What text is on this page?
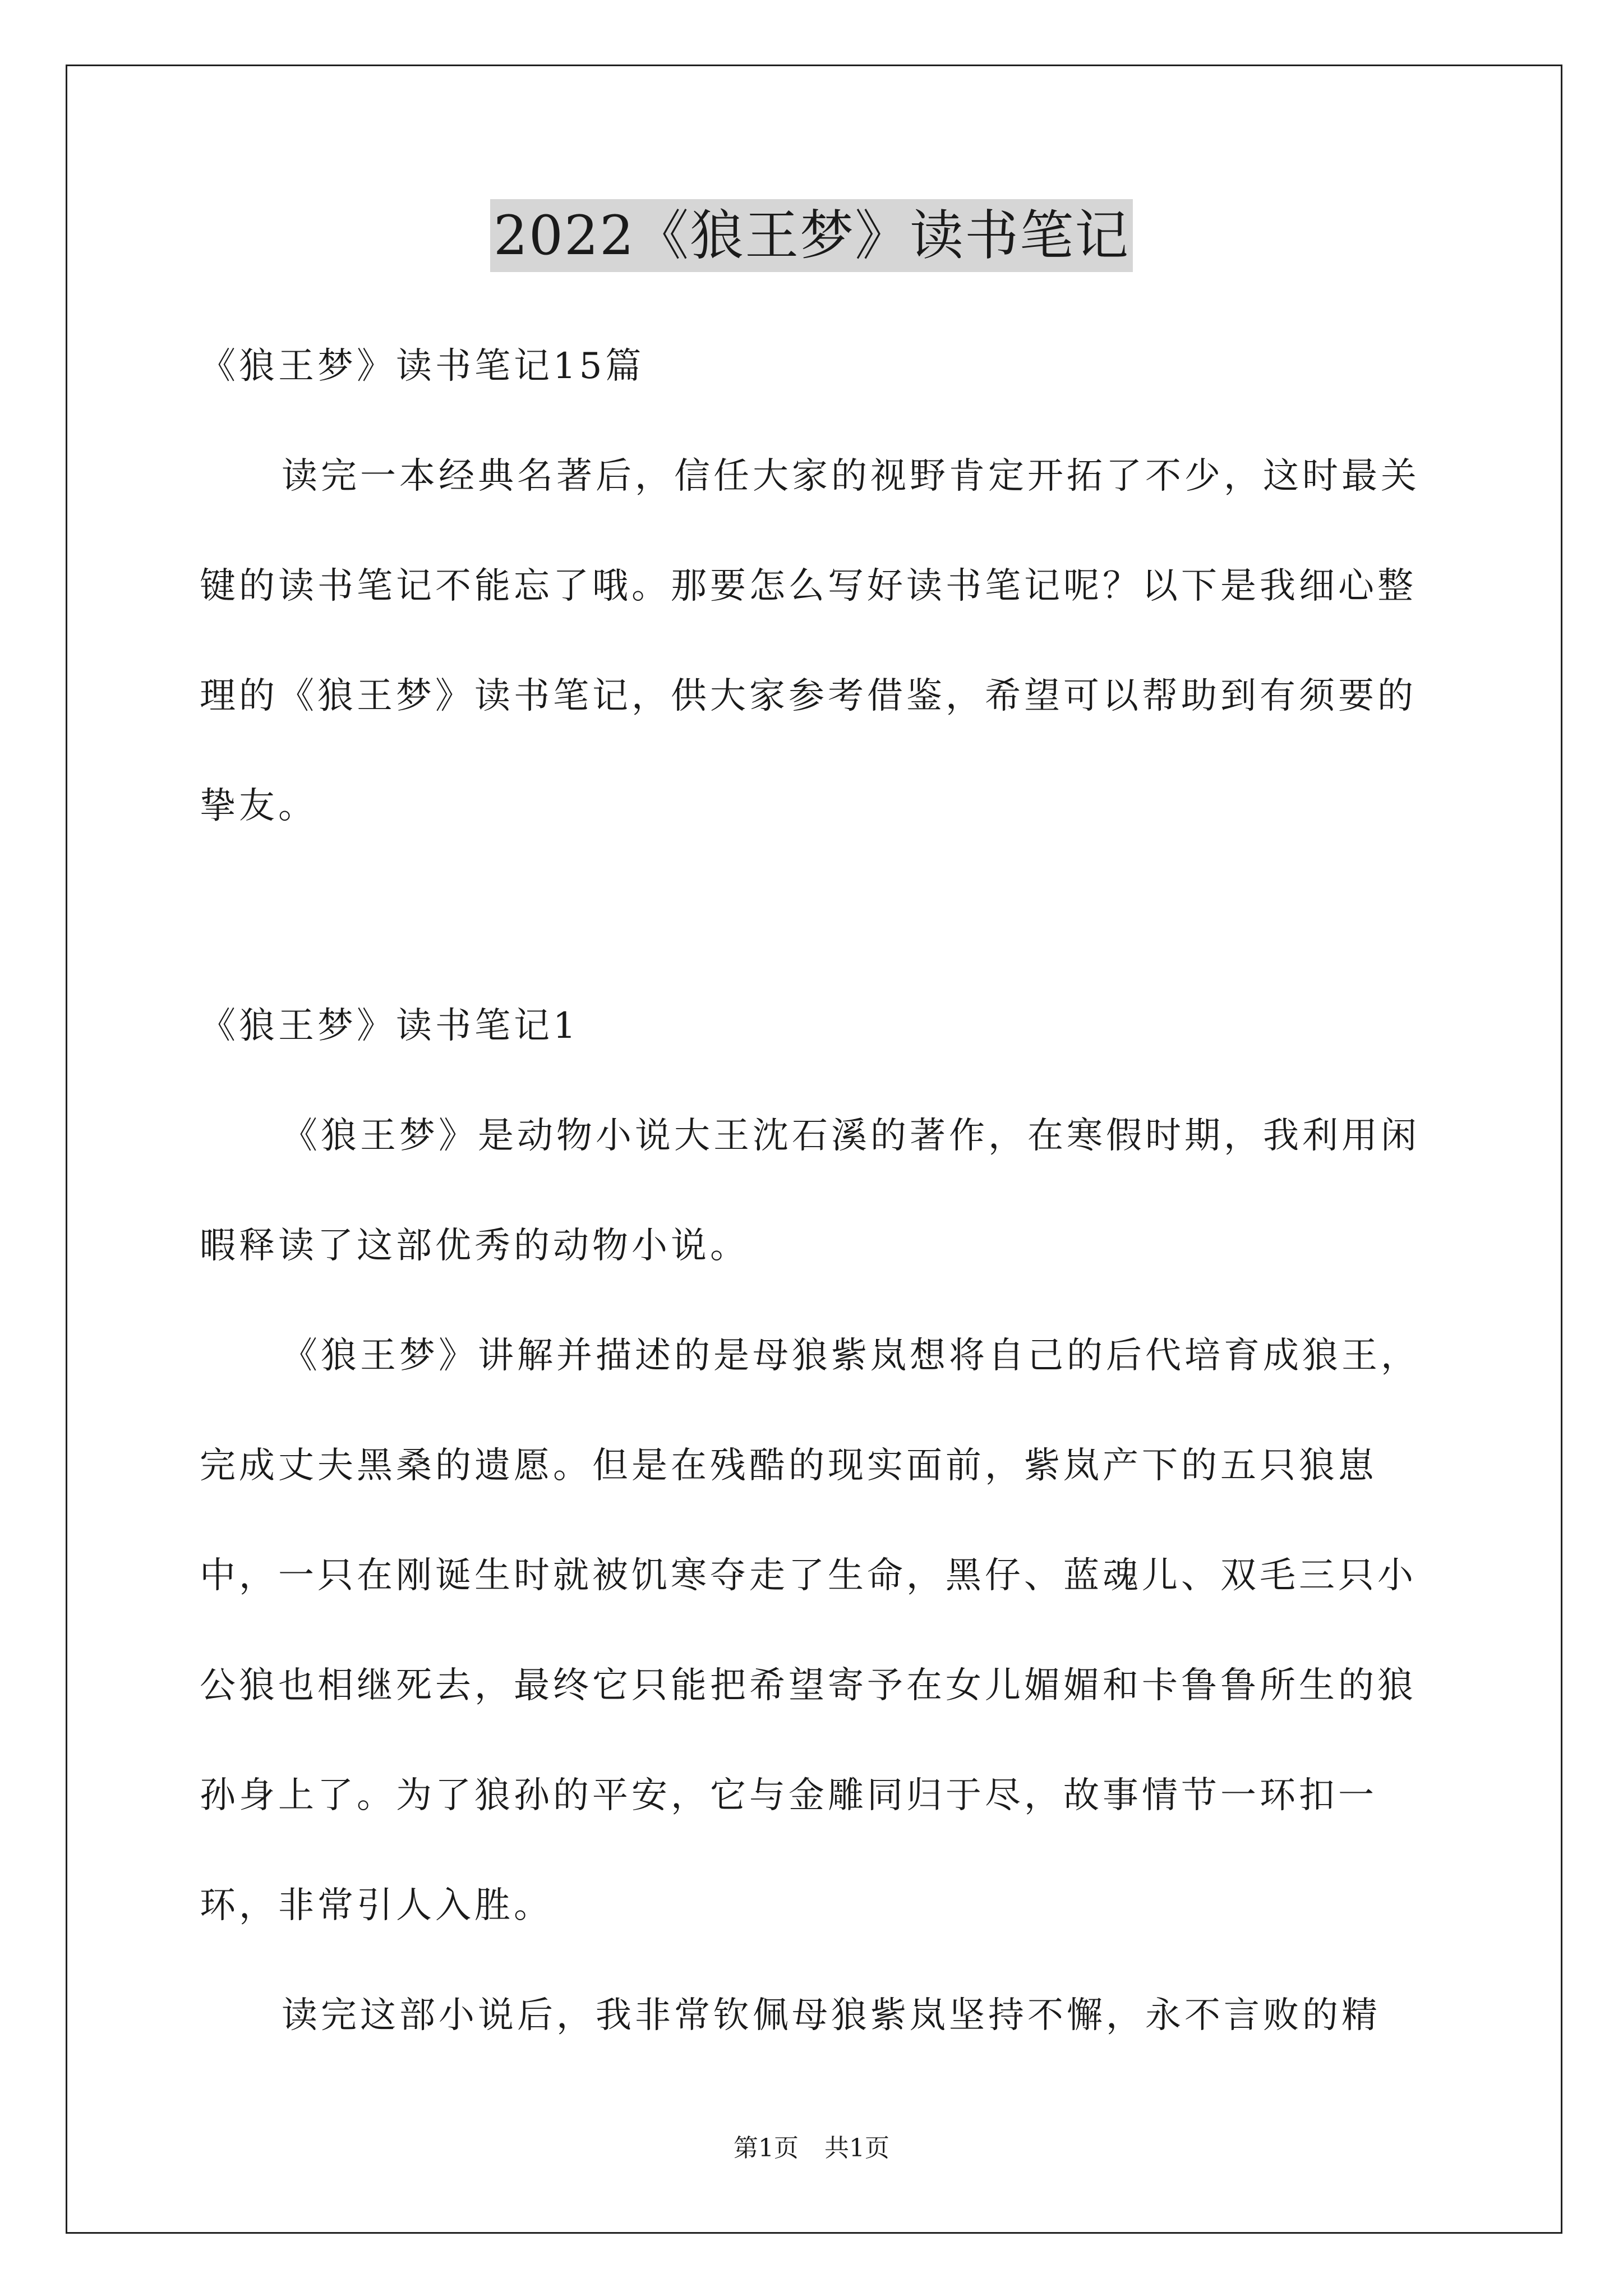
2022《狼王梦》读书笔记

《狼王梦》读书笔记15篇

读完一本经典名著后，信任大家的视野肯定开拓了不少，这时最关键的读书笔记不能忘了哦。那要怎么写好读书笔记呢？以下是我细心整理的《狼王梦》读书笔记，供大家参考借鉴，希望可以帮助到有须要的挚友。

《狼王梦》读书笔记1

《狼王梦》是动物小说大王沈石溪的著作，在寒假时期，我利用闲暇释读了这部优秀的动物小说。

《狼王梦》讲解并描述的是母狼紫岚想将自己的后代培育成狼王，完成丈夫黑桑的遗愿。但是在残酷的现实面前，紫岚产下的五只狼崽中，一只在刚诞生时就被饥寒夺走了生命，黑仔、蓝魂儿、双毛三只小公狼也相继死去，最终它只能把希望寄予在女儿媚媚和卡鲁鲁所生的狼孙身上了。为了狼孙的平安，它与金雕同归于尽，故事情节一环扣一环，非常引人入胜。

读完这部小说后，我非常钦佩母狼紫岚坚持不懈，永不言败的精

第1页 共1页
